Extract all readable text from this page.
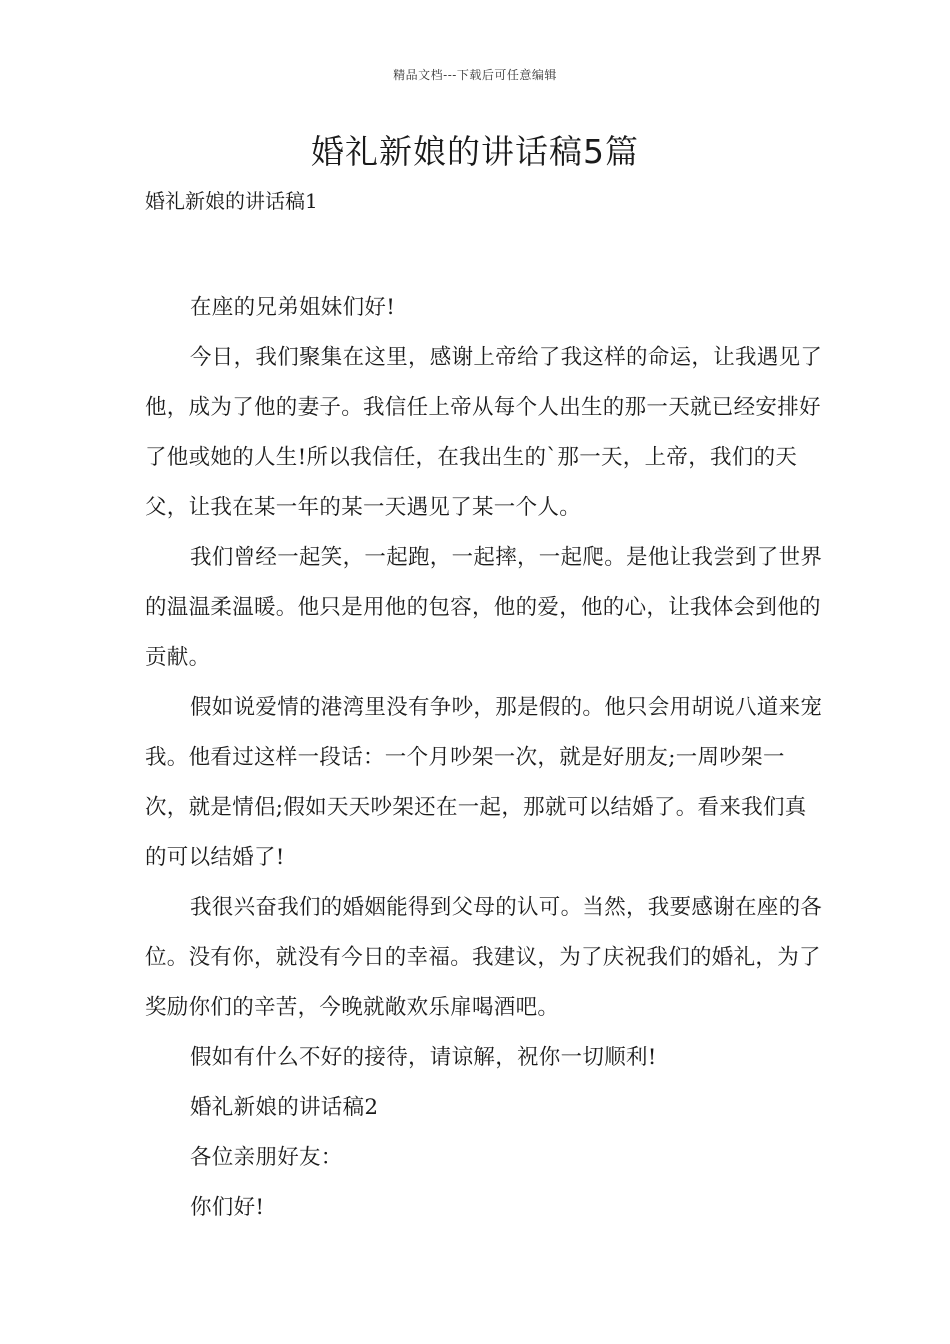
精品文档---下载后可任意编辑
婚礼新娘的讲话稿5篇
婚礼新娘的讲话稿1

在座的兄弟姐妹们好!

今日，我们聚集在这里，感谢上帝给了我这样的命运，让我遇见了他，成为了他的妻子。我信任上帝从每个人出生的那一天就已经安排好了他或她的人生!所以我信任，在我出生的`那一天，上帝，我们的天父，让我在某一年的某一天遇见了某一个人。

我们曾经一起笑，一起跑，一起摔，一起爬。是他让我尝到了世界的温温柔温暖。他只是用他的包容，他的爱，他的心，让我体会到他的贡献。

假如说爱情的港湾里没有争吵，那是假的。他只会用胡说八道来宠我。他看过这样一段话：一个月吵架一次，就是好朋友;一周吵架一次，就是情侣;假如天天吵架还在一起，那就可以结婚了。看来我们真的可以结婚了!

我很兴奋我们的婚姻能得到父母的认可。当然，我要感谢在座的各位。没有你，就没有今日的幸福。我建议，为了庆祝我们的婚礼，为了奖励你们的辛苦，今晚就敞欢乐扉喝酒吧。

假如有什么不好的接待，请谅解，祝你一切顺利!

婚礼新娘的讲话稿2

各位亲朋好友：

你们好!
